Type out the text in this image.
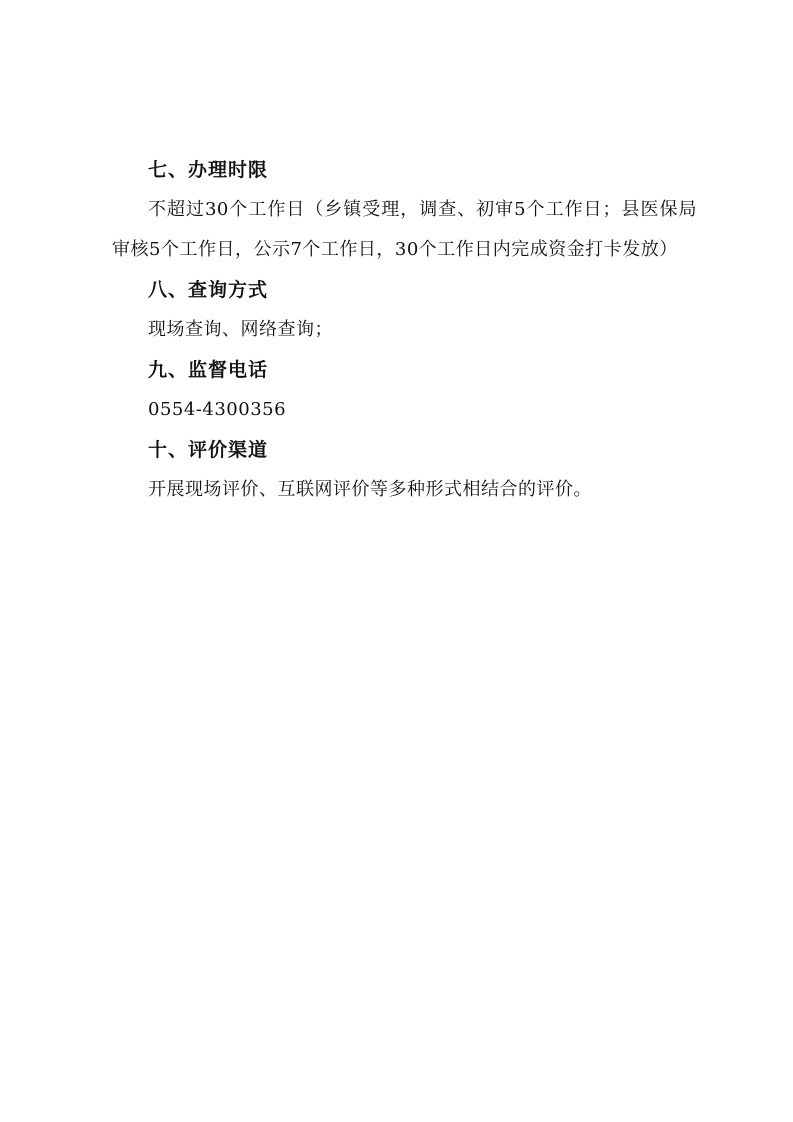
七、办理时限

不超过30个工作日（乡镇受理，调查、初审5个工作日；县医保局审核5个工作日，公示7个工作日，30个工作日内完成资金打卡发放）

八、查询方式

现场查询、网络查询；

九、监督电话

0554-4300356

十、评价渠道

开展现场评价、互联网评价等多种形式相结合的评价。
